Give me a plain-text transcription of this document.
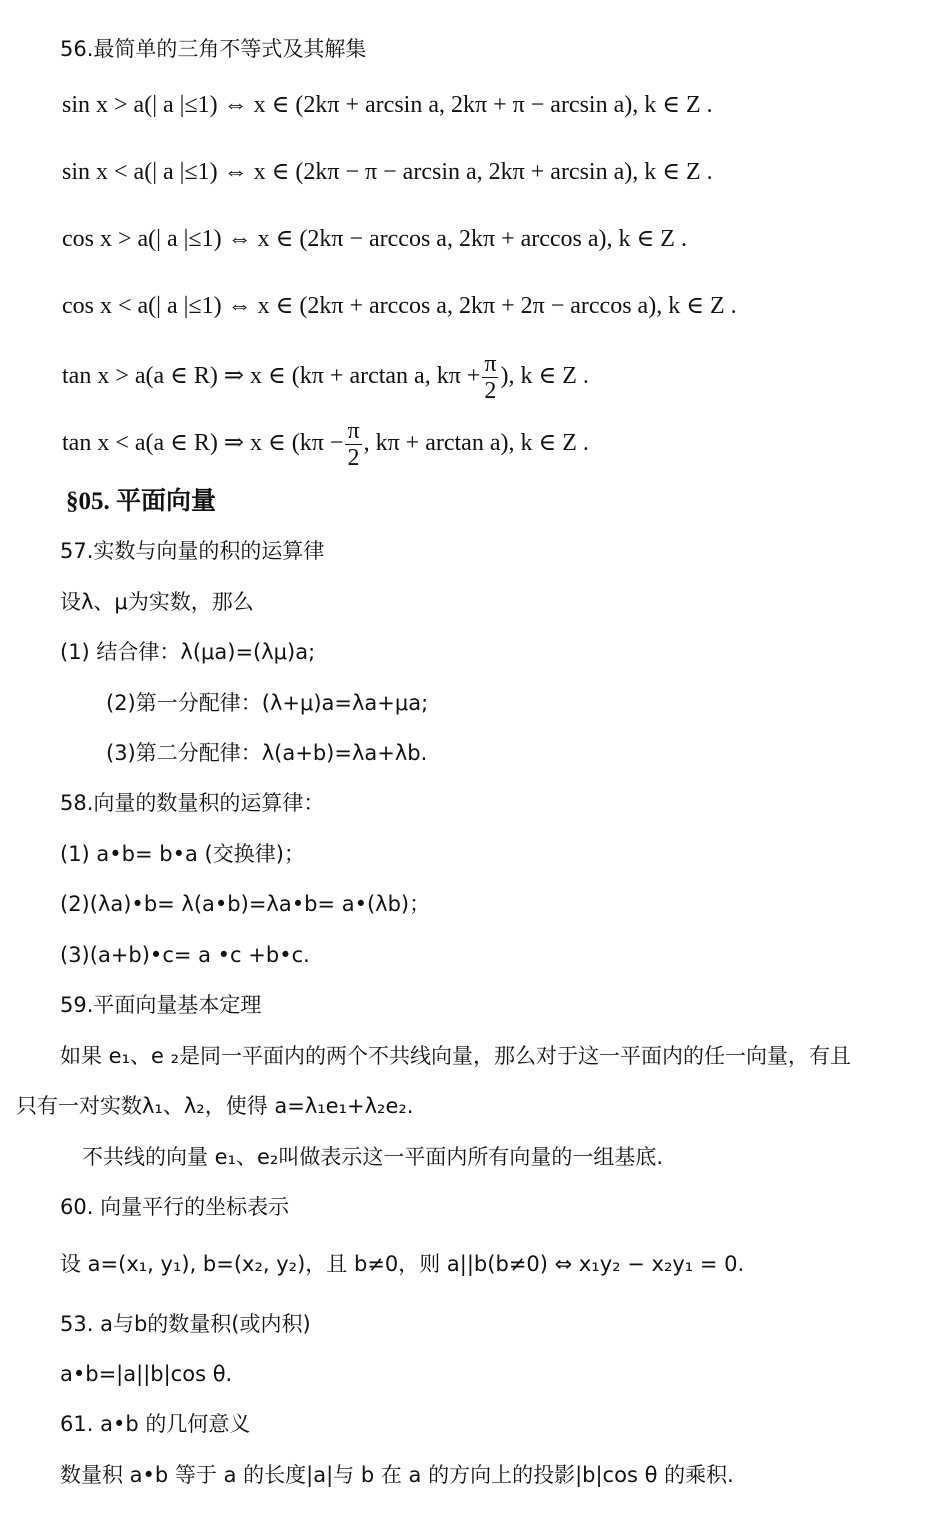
56.最简单的三角不等式及其解集
sin x > a(| a |≤1) ⇔ x ∈ (2kπ + arcsin a, 2kπ + π − arcsin a), k ∈ Z .
sin x < a(| a |≤1) ⇔ x ∈ (2kπ − π − arcsin a, 2kπ + arcsin a), k ∈ Z .
cos x > a(| a |≤1) ⇔ x ∈ (2kπ − arccos a, 2kπ + arccos a), k ∈ Z .
cos x < a(| a |≤1) ⇔ x ∈ (2kπ + arccos a, 2kπ + 2π − arccos a), k ∈ Z .
tan x > a(a ∈ R) ⇒ x ∈ (kπ + arctan a, $k\pi + \frac{\pi}{2}$ ), k ∈ Z .
tan x < a(a ∈ R) ⇒ x ∈ ($k\pi - \frac{\pi}{2}$ , kπ + arctan a), k ∈ Z .
§05. 平面向量
57.实数与向量的积的运算律
设λ、μ为实数，那么
(1) 结合律：λ(μa)=(λμ)a;
(2)第一分配律：(λ+μ)a=λa+μa;
(3)第二分配律：λ(a+b)=λa+λb.
58.向量的数量积的运算律：
(1) a•b= b•a (交换律)；
(2)(λa)•b= λ(a•b)=λa•b= a•(λb)；
(3)(a+b)•c= a •c +b•c.
59.平面向量基本定理
如果 e₁、e ₂是同一平面内的两个不共线向量，那么对于这一平面内的任一向量，有且
只有一对实数λ₁、λ₂，使得 a=λ₁e₁+λ₂e₂.
不共线的向量 e₁、e₂叫做表示这一平面内所有向量的一组基底.
60. 向量平行的坐标表示
设 a=(x₁, y₁), b=(x₂, y₂)，且 b≠0，则 a||b(b≠0) ⇔ x₁y₂ − x₂y₁ = 0.
53. a与b的数量积(或内积)
a•b=|a||b|cos θ.
61. a•b 的几何意义
数量积 a•b 等于 a 的长度|a|与 b 在 a 的方向上的投影|b|cos θ 的乘积.
